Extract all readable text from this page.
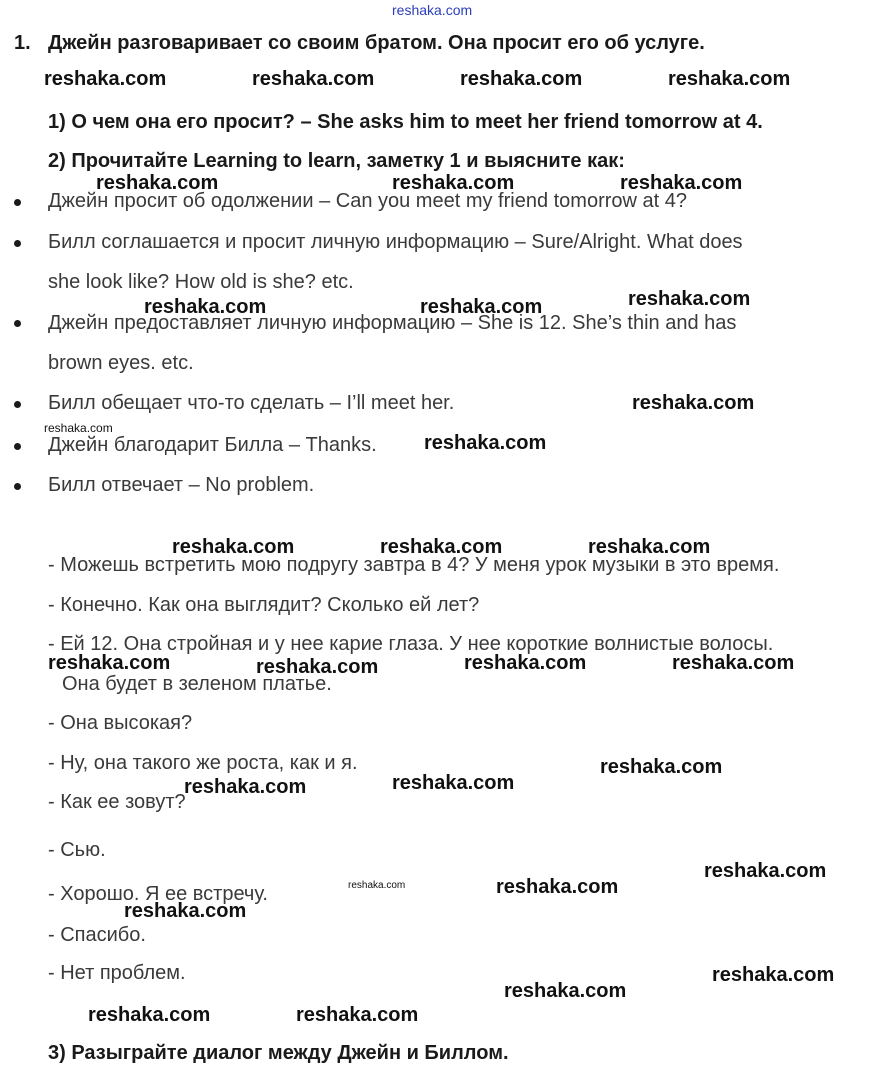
reshaka.com
1. Джейн разговаривает со своим братом. Она просит его об услуге.
1) О чем она его просит? – She asks him to meet her friend tomorrow at 4.
2) Прочитайте Learning to learn, заметку 1 и выясните как:
Джейн просит об одолжении – Can you meet my friend tomorrow at 4?
Билл соглашается и просит личную информацию – Sure/Alright. What does
she look like? How old is she? etc.
Джейн предоставляет личную информацию – She is 12. She’s thin and has
brown eyes. etc.
Билл обещает что-то сделать – I’ll meet her.
Джейн благодарит Билла – Thanks.
Билл отвечает – No problem.
- Можешь встретить мою подругу завтра в 4? У меня урок музыки в это время.
- Конечно. Как она выглядит? Сколько ей лет?
- Ей 12. Она стройная и у нее карие глаза. У нее короткие волнистые волосы.
Она будет в зеленом платье.
- Она высокая?
- Ну, она такого же роста, как и я.
- Как ее зовут?
- Сью.
- Хорошо. Я ее встречу.
- Спасибо.
- Нет проблем.
3) Разыграйте диалог между Джейн и Биллом.
reshaka.com	reshaka.com	reshaka.com	reshaka.com
reshaka.com	reshaka.com	reshaka.com
reshaka.com	reshaka.com	reshaka.com
reshaka.com
reshaka.com
reshaka.com	reshaka.com	reshaka.com
reshaka.com	reshaka.com	reshaka.com	reshaka.com
reshaka.com
reshaka.com	reshaka.com
reshaka.com
reshaka.com
reshaka.com
reshaka.com
reshaka.com
reshaka.com	reshaka.com
reshaka.com
reshaka.com
